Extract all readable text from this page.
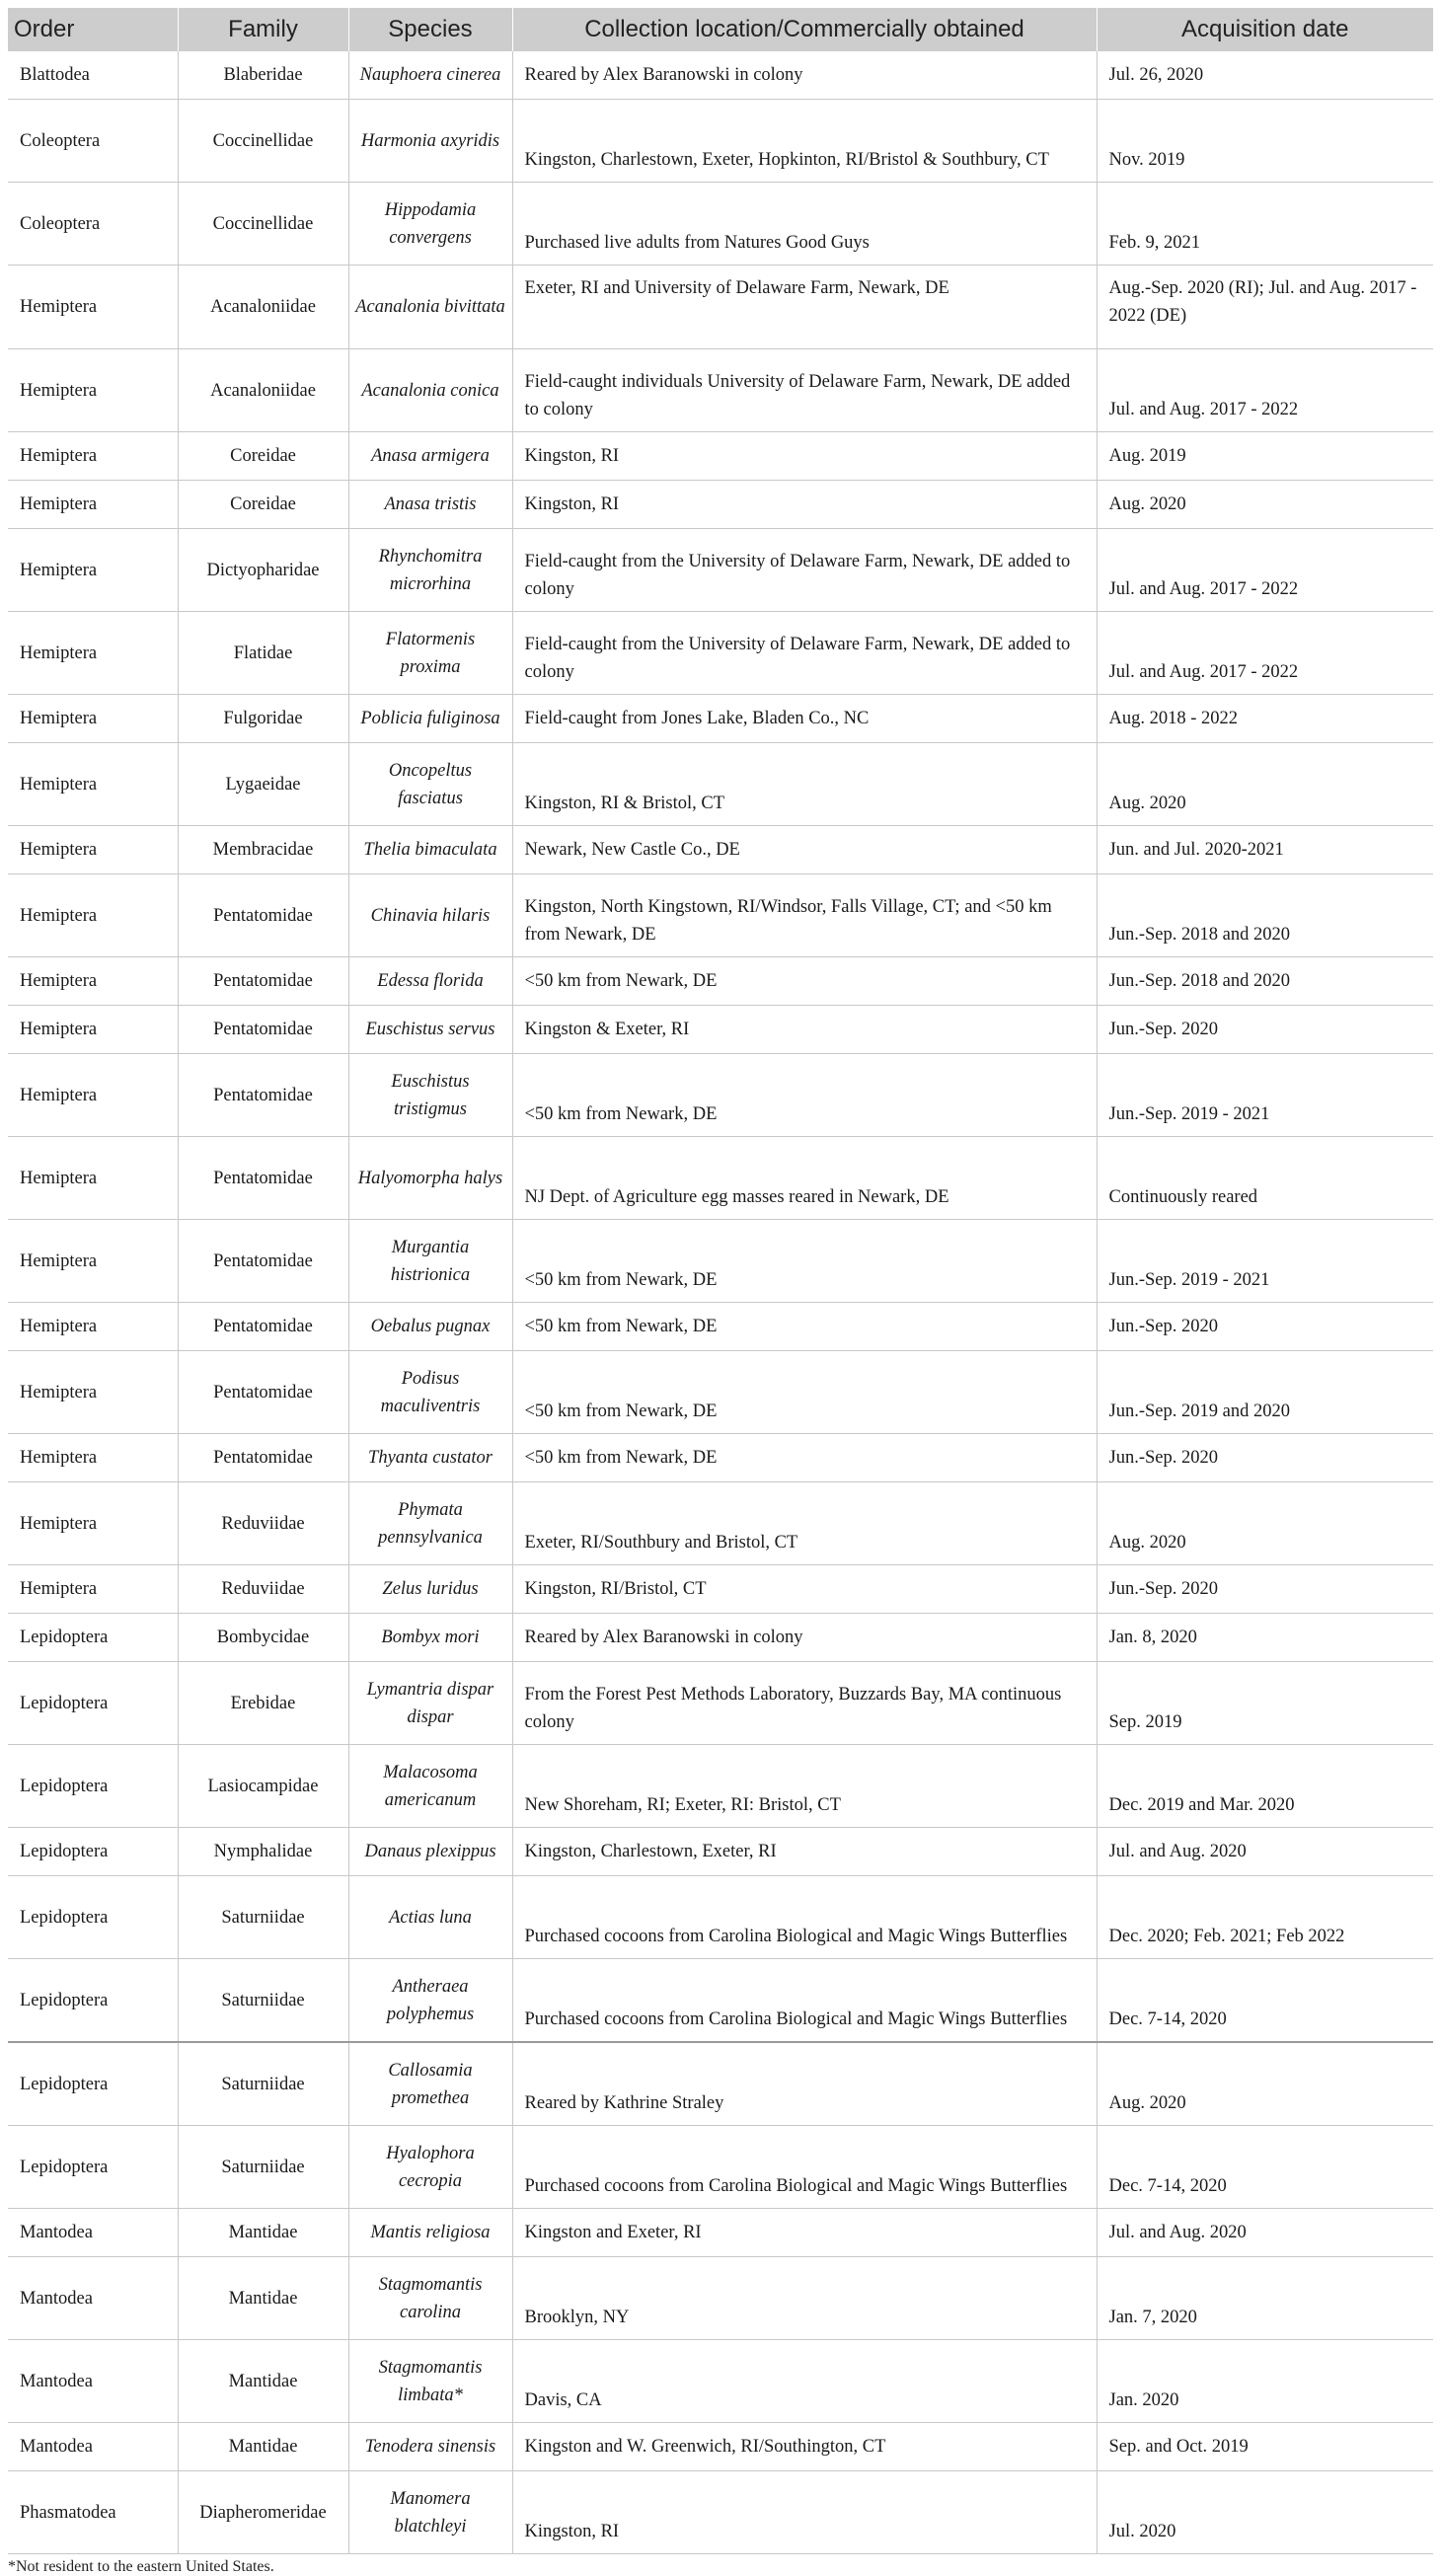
Order	Family	Species	Collection location/Commercially obtained	Acquisition date
Blattodea	Blaberidae	Nauphoera cinerea	Reared by Alex Baranowski in colony	Jul. 26, 2020
Coleoptera	Coccinellidae	Harmonia axyridis	Kingston, Charlestown, Exeter, Hopkinton, RI/Bristol & Southbury, CT	Nov. 2019
Coleoptera	Coccinellidae	Hippodamia convergens	Purchased live adults from Natures Good Guys	Feb. 9, 2021
Hemiptera	Acanaloniidae	Acanalonia bivittata	Exeter, RI and University of Delaware Farm, Newark, DE	Aug.-Sep. 2020 (RI); Jul. and Aug. 2017 - 2022 (DE)
Hemiptera	Acanaloniidae	Acanalonia conica	Field-caught individuals University of Delaware Farm, Newark, DE added to colony	Jul. and Aug. 2017 - 2022
Hemiptera	Coreidae	Anasa armigera	Kingston, RI	Aug. 2019
Hemiptera	Coreidae	Anasa tristis	Kingston, RI	Aug. 2020
Hemiptera	Dictyopharidae	Rhynchomitra microrhina	Field-caught from the University of Delaware Farm, Newark, DE added to colony	Jul. and Aug. 2017 - 2022
Hemiptera	Flatidae	Flatormenis proxima	Field-caught from the University of Delaware Farm, Newark, DE added to colony	Jul. and Aug. 2017 - 2022
Hemiptera	Fulgoridae	Poblicia fuliginosa	Field-caught from Jones Lake, Bladen Co., NC	Aug. 2018 - 2022
Hemiptera	Lygaeidae	Oncopeltus fasciatus	Kingston, RI & Bristol, CT	Aug. 2020
Hemiptera	Membracidae	Thelia bimaculata	Newark, New Castle Co., DE	Jun. and Jul. 2020-2021
Hemiptera	Pentatomidae	Chinavia hilaris	Kingston, North Kingstown, RI/Windsor, Falls Village, CT; and <50 km from Newark, DE	Jun.-Sep. 2018 and 2020
Hemiptera	Pentatomidae	Edessa florida	<50 km from Newark, DE	Jun.-Sep. 2018 and 2020
Hemiptera	Pentatomidae	Euschistus servus	Kingston & Exeter, RI	Jun.-Sep. 2020
Hemiptera	Pentatomidae	Euschistus tristigmus	<50 km from Newark, DE	Jun.-Sep. 2019 - 2021
Hemiptera	Pentatomidae	Halyomorpha halys	NJ Dept. of Agriculture egg masses reared in Newark, DE	Continuously reared
Hemiptera	Pentatomidae	Murgantia histrionica	<50 km from Newark, DE	Jun.-Sep. 2019 - 2021
Hemiptera	Pentatomidae	Oebalus pugnax	<50 km from Newark, DE	Jun.-Sep. 2020
Hemiptera	Pentatomidae	Podisus maculiventris	<50 km from Newark, DE	Jun.-Sep. 2019 and 2020
Hemiptera	Pentatomidae	Thyanta custator	<50 km from Newark, DE	Jun.-Sep. 2020
Hemiptera	Reduviidae	Phymata pennsylvanica	Exeter, RI/Southbury and Bristol, CT	Aug. 2020
Hemiptera	Reduviidae	Zelus luridus	Kingston, RI/Bristol, CT	Jun.-Sep. 2020
Lepidoptera	Bombycidae	Bombyx mori	Reared by Alex Baranowski in colony	Jan. 8, 2020
Lepidoptera	Erebidae	Lymantria dispar dispar	From the Forest Pest Methods Laboratory, Buzzards Bay, MA continuous colony	Sep. 2019
Lepidoptera	Lasiocampidae	Malacosoma americanum	New Shoreham, RI; Exeter, RI: Bristol, CT	Dec. 2019 and Mar. 2020
Lepidoptera	Nymphalidae	Danaus plexippus	Kingston, Charlestown, Exeter, RI	Jul. and Aug. 2020
Lepidoptera	Saturniidae	Actias luna	Purchased cocoons from Carolina Biological and Magic Wings Butterflies	Dec. 2020; Feb. 2021; Feb 2022
Lepidoptera	Saturniidae	Antheraea polyphemus	Purchased cocoons from Carolina Biological and Magic Wings Butterflies	Dec. 7-14, 2020
Lepidoptera	Saturniidae	Callosamia promethea	Reared by Kathrine Straley	Aug. 2020
Lepidoptera	Saturniidae	Hyalophora cecropia	Purchased cocoons from Carolina Biological and Magic Wings Butterflies	Dec. 7-14, 2020
Mantodea	Mantidae	Mantis religiosa	Kingston and Exeter, RI	Jul. and Aug. 2020
Mantodea	Mantidae	Stagmomantis carolina	Brooklyn, NY	Jan. 7, 2020
Mantodea	Mantidae	Stagmomantis limbata*	Davis, CA	Jan. 2020
Mantodea	Mantidae	Tenodera sinensis	Kingston and W. Greenwich, RI/Southington, CT	Sep. and Oct. 2019
Phasmatodea	Diapheromeridae	Manomera blatchleyi	Kingston, RI	Jul. 2020
*Not resident to the eastern United States.
